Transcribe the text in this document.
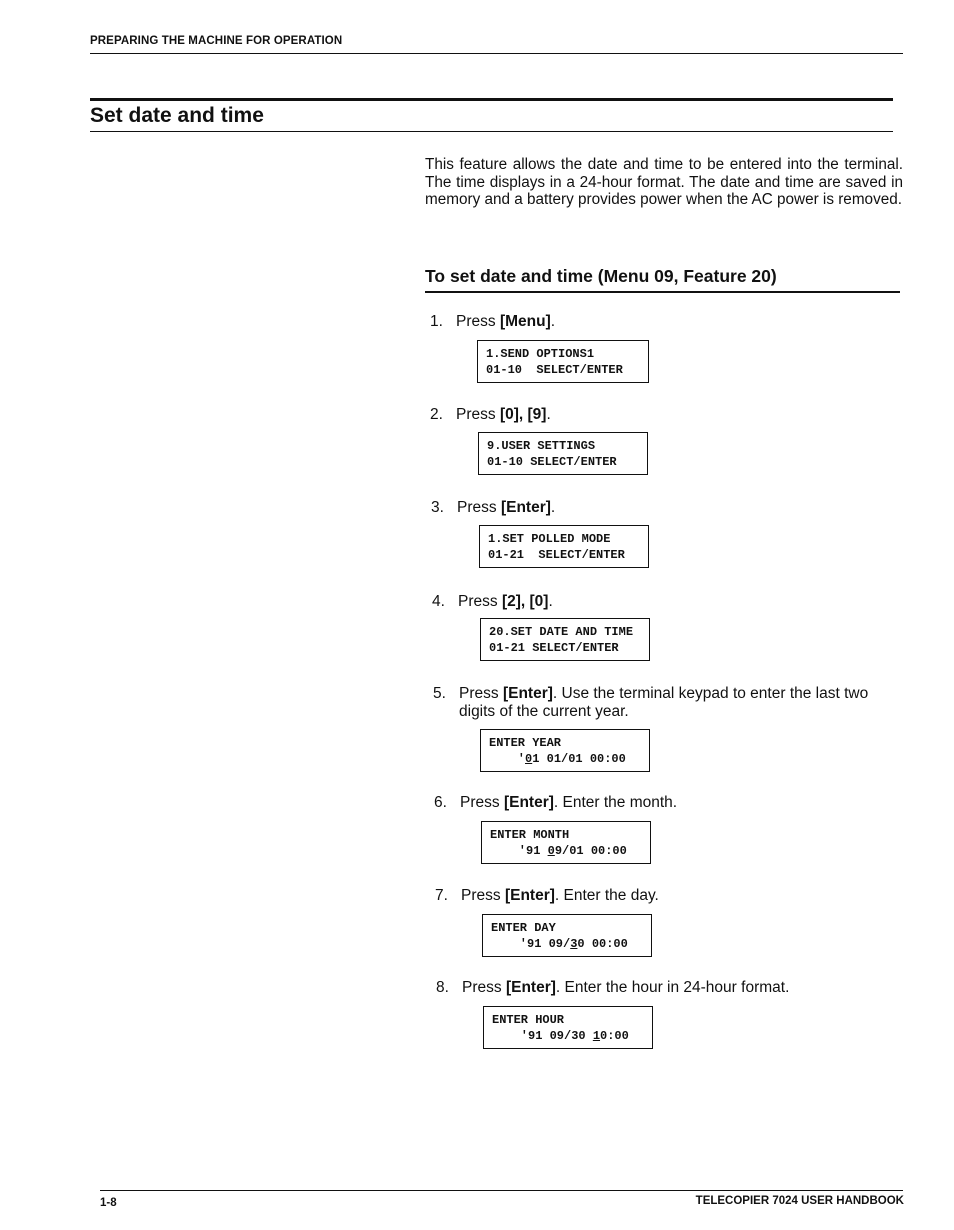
PREPARING THE MACHINE FOR OPERATION
Set date and time
This feature allows the date and time to be entered into the terminal. The time displays in a 24-hour format. The date and time are saved in memory and a battery provides power when the AC power is removed.
To set date and time (Menu 09, Feature 20)
1. Press [Menu].
1.SEND OPTIONS1
01-10  SELECT/ENTER
2. Press [0], [9].
9.USER SETTINGS
01-10 SELECT/ENTER
3. Press [Enter].
1.SET POLLED MODE
01-21  SELECT/ENTER
4. Press [2], [0].
20.SET DATE AND TIME
01-21 SELECT/ENTER
5. Press [Enter]. Use the terminal keypad to enter the last two digits of the current year.
ENTER YEAR
'01 01/01 00:00
6. Press [Enter]. Enter the month.
ENTER MONTH
'91 09/01 00:00
7. Press [Enter]. Enter the day.
ENTER DAY
'91 09/30 00:00
8. Press [Enter]. Enter the hour in 24-hour format.
ENTER HOUR
'91 09/30 10:00
1-8	TELECOPIER 7024 USER HANDBOOK
